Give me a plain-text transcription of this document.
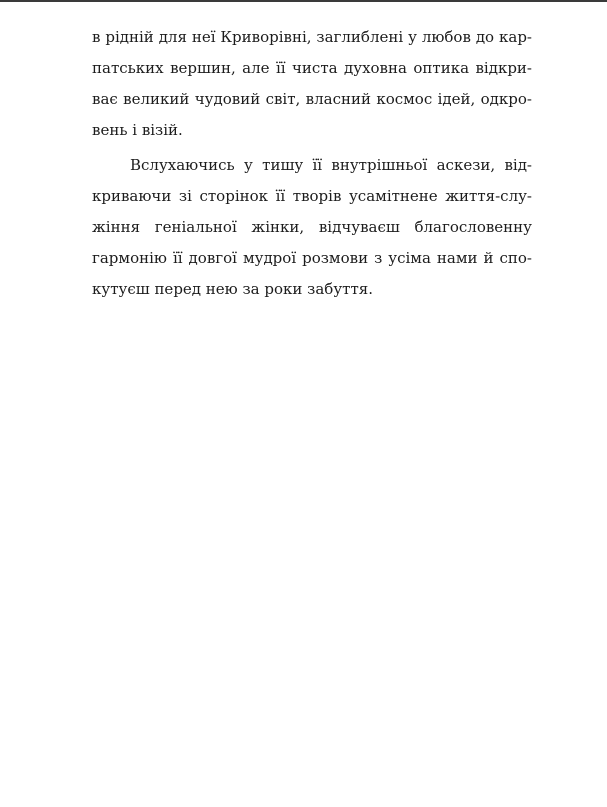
в рідній для неї Криворівні, заглиблені у любов до кар-
патських вершин, але її чиста духовна оптика відкри-
ває великий чудовий світ, власний космос ідей, одкро-
вень і візій.
Вслухаючись у тишу її внутрішньої аскези, від-
криваючи зі сторінок її творів усамітнене життя-слу-
жіння геніальної жінки, відчуваєш благословенну
гармонію її довгої мудрої розмови з усіма нами й спо-
кутуєш перед нею за роки забуття.
